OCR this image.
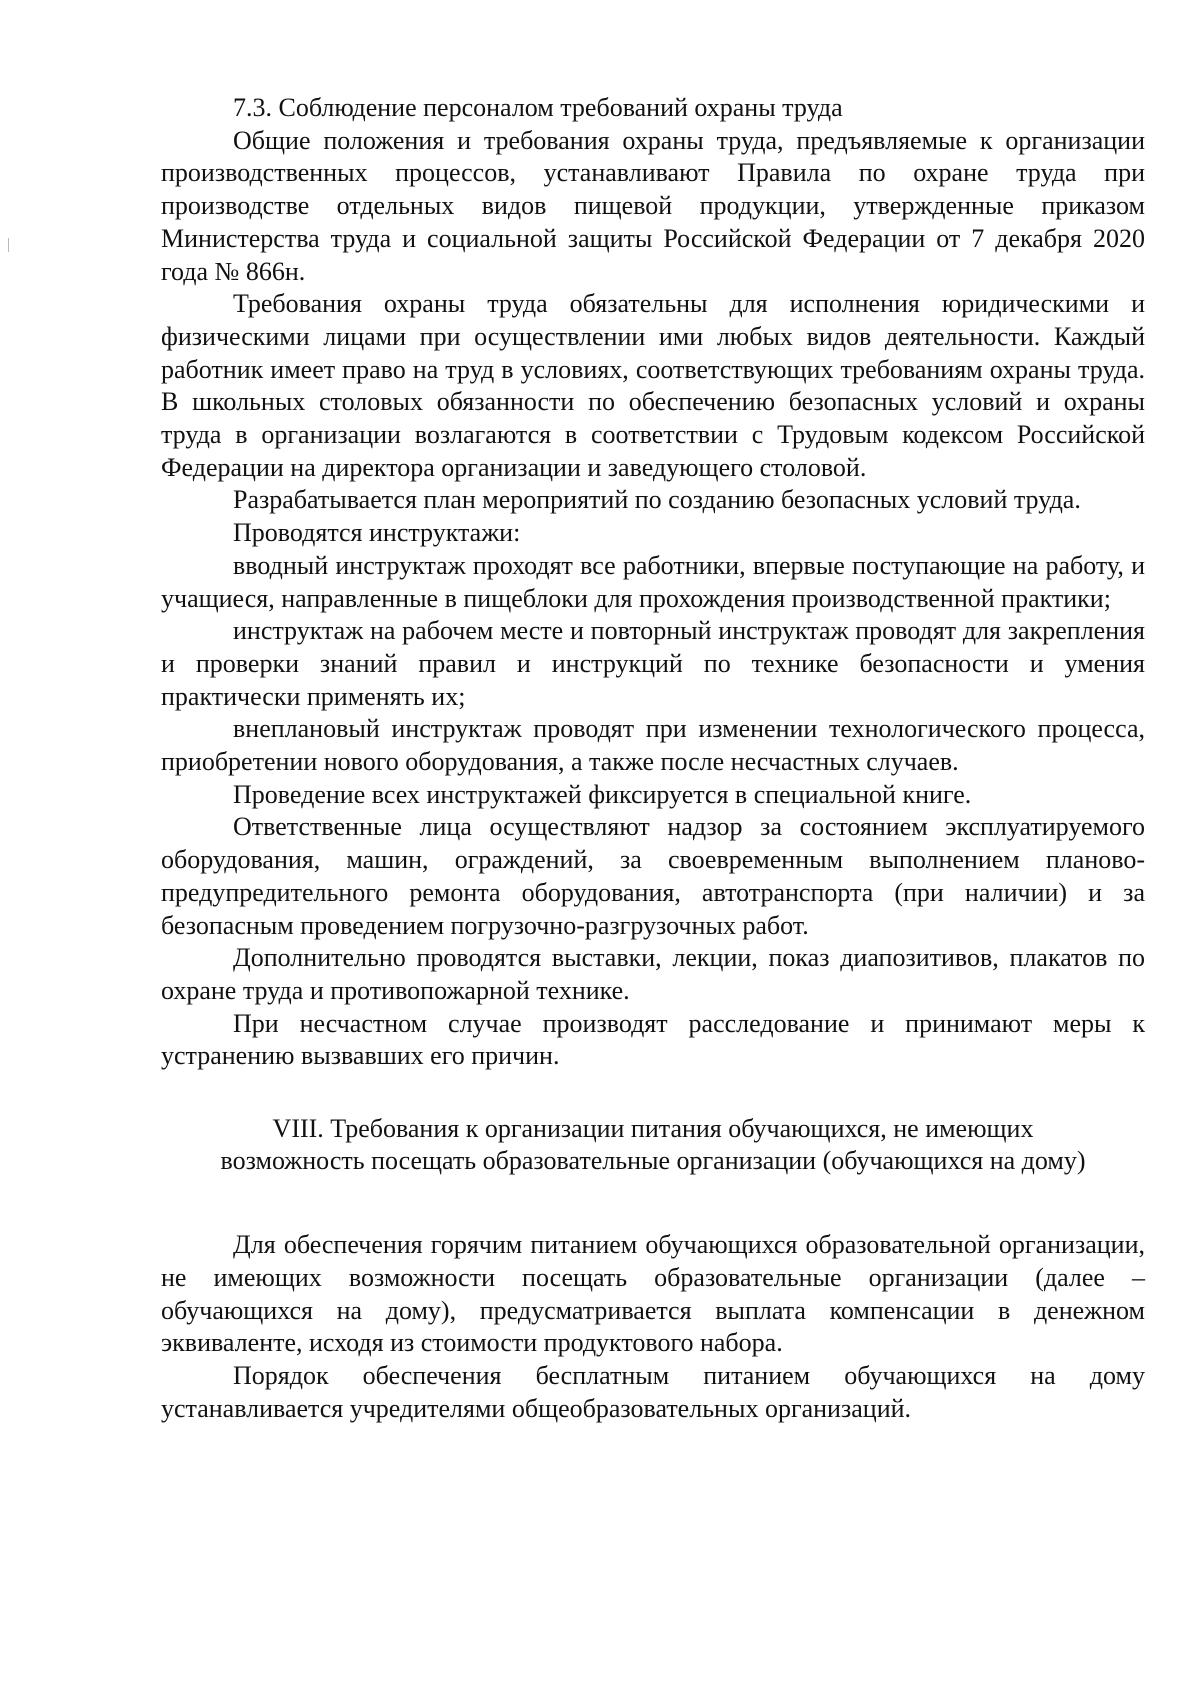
7.3. Соблюдение персоналом требований охраны труда

Общие положения и требования охраны труда, предъявляемые к организации производственных процессов, устанавливают Правила по охране труда при производстве отдельных видов пищевой продукции, утвержденные приказом Министерства труда и социальной защиты Российской Федерации от 7 декабря 2020 года № 866н.

Требования охраны труда обязательны для исполнения юридическими и физическими лицами при осуществлении ими любых видов деятельности. Каждый работник имеет право на труд в условиях, соответствующих требованиям охраны труда. В школьных столовых обязанности по обеспечению безопасных условий и охраны труда в организации возлагаются в соответствии с Трудовым кодексом Российской Федерации на директора организации и заведующего столовой.

Разрабатывается план мероприятий по созданию безопасных условий труда.

Проводятся инструктажи:

вводный инструктаж проходят все работники, впервые поступающие на работу, и учащиеся, направленные в пищеблоки для прохождения производственной практики;

инструктаж на рабочем месте и повторный инструктаж проводят для закрепления и проверки знаний правил и инструкций по технике безопасности и умения практически применять их;

внеплановый инструктаж проводят при изменении технологического процесса, приобретении нового оборудования, а также после несчастных случаев.

Проведение всех инструктажей фиксируется в специальной книге.

Ответственные лица осуществляют надзор за состоянием эксплуатируемого оборудования, машин, ограждений, за своевременным выполнением планово-предупредительного ремонта оборудования, автотранспорта (при наличии) и за безопасным проведением погрузочно-разгрузочных работ.

Дополнительно проводятся выставки, лекции, показ диапозитивов, плакатов по охране труда и противопожарной технике.

При несчастном случае производят расследование и принимают меры к устранению вызвавших его причин.

VIII. Требования к организации питания обучающихся, не имеющих
возможность посещать образовательные организации (обучающихся на дому)

Для обеспечения горячим питанием обучающихся образовательной организации, не имеющих возможности посещать образовательные организации (далее – обучающихся на дому), предусматривается выплата компенсации в денежном эквиваленте, исходя из стоимости продуктового набора.

Порядок обеспечения бесплатным питанием обучающихся на дому устанавливается учредителями общеобразовательных организаций.
